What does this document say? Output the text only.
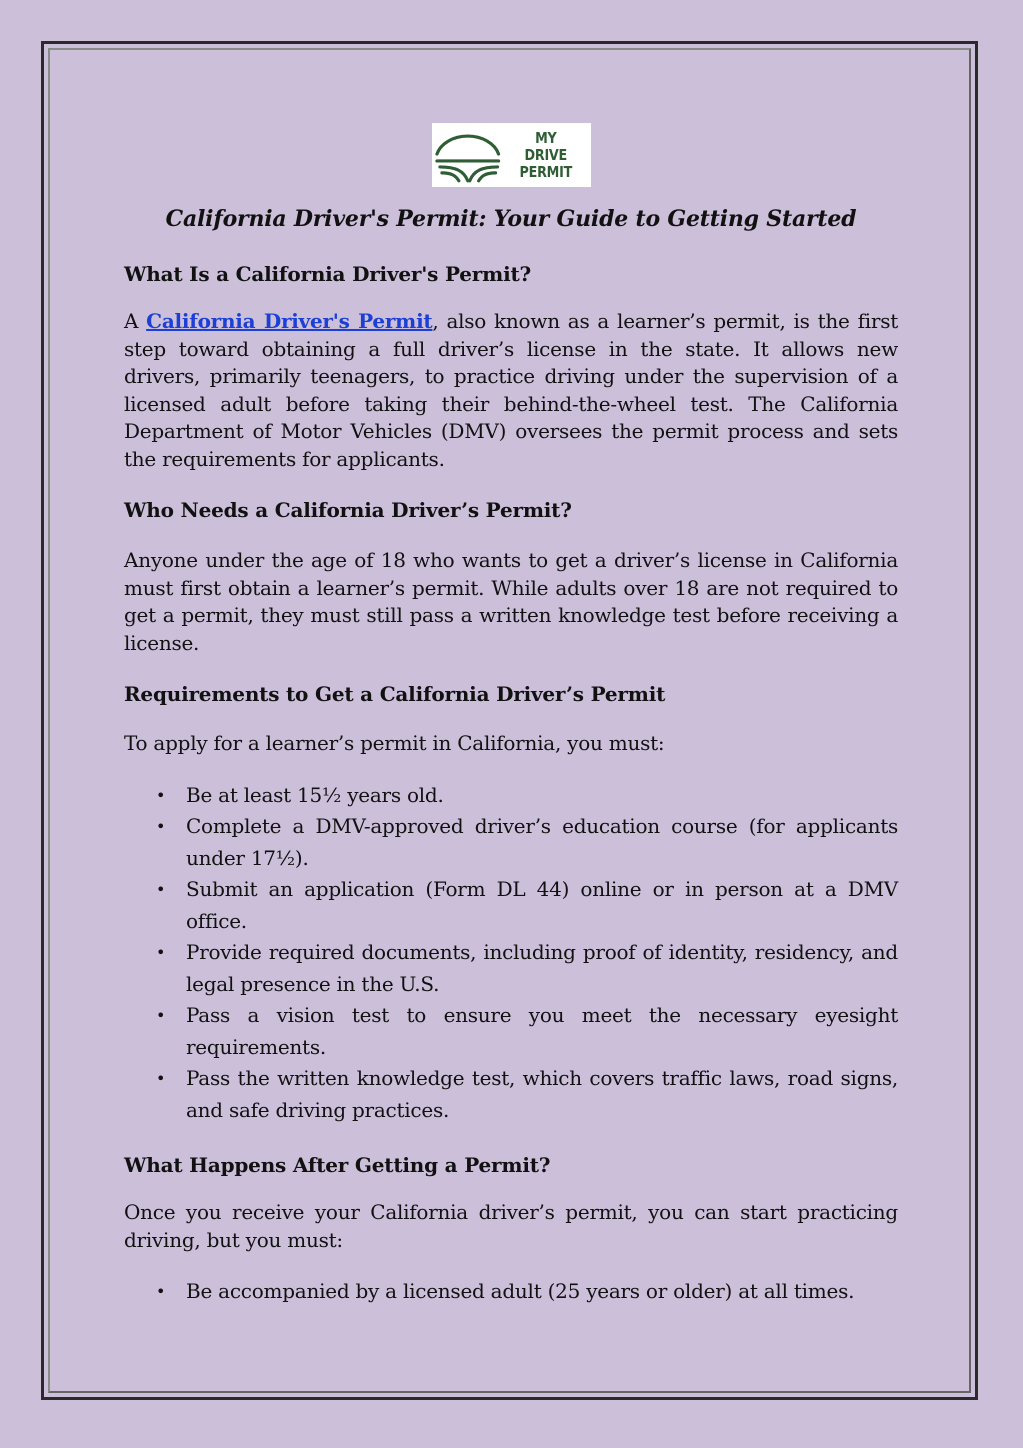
MY DRIVE
PERMIT
California Driver's Permit: Your Guide to Getting Started
What Is a California Driver's Permit?

A California Driver's Permit, also known as a learner’s permit, is the first step toward obtaining a full driver’s license in the state. It allows new drivers, primarily teenagers, to practice driving under the supervision of a licensed adult before taking their behind-the-wheel test. The California Department of Motor Vehicles (DMV) oversees the permit process and sets the requirements for applicants.

Who Needs a California Driver’s Permit?

Anyone under the age of 18 who wants to get a driver’s license in California must first obtain a learner’s permit. While adults over 18 are not required to get a permit, they must still pass a written knowledge test before receiving a license.

Requirements to Get a California Driver’s Permit

To apply for a learner’s permit in California, you must:

• Be at least 15½ years old.
• Complete a DMV-approved driver’s education course (for applicants under 17½).
• Submit an application (Form DL 44) online or in person at a DMV office.
• Provide required documents, including proof of identity, residency, and legal presence in the U.S.
• Pass a vision test to ensure you meet the necessary eyesight requirements.
• Pass the written knowledge test, which covers traffic laws, road signs, and safe driving practices.
What Happens After Getting a Permit?

Once you receive your California driver’s permit, you can start practicing driving, but you must:

• Be accompanied by a licensed adult (25 years or older) at all times.
